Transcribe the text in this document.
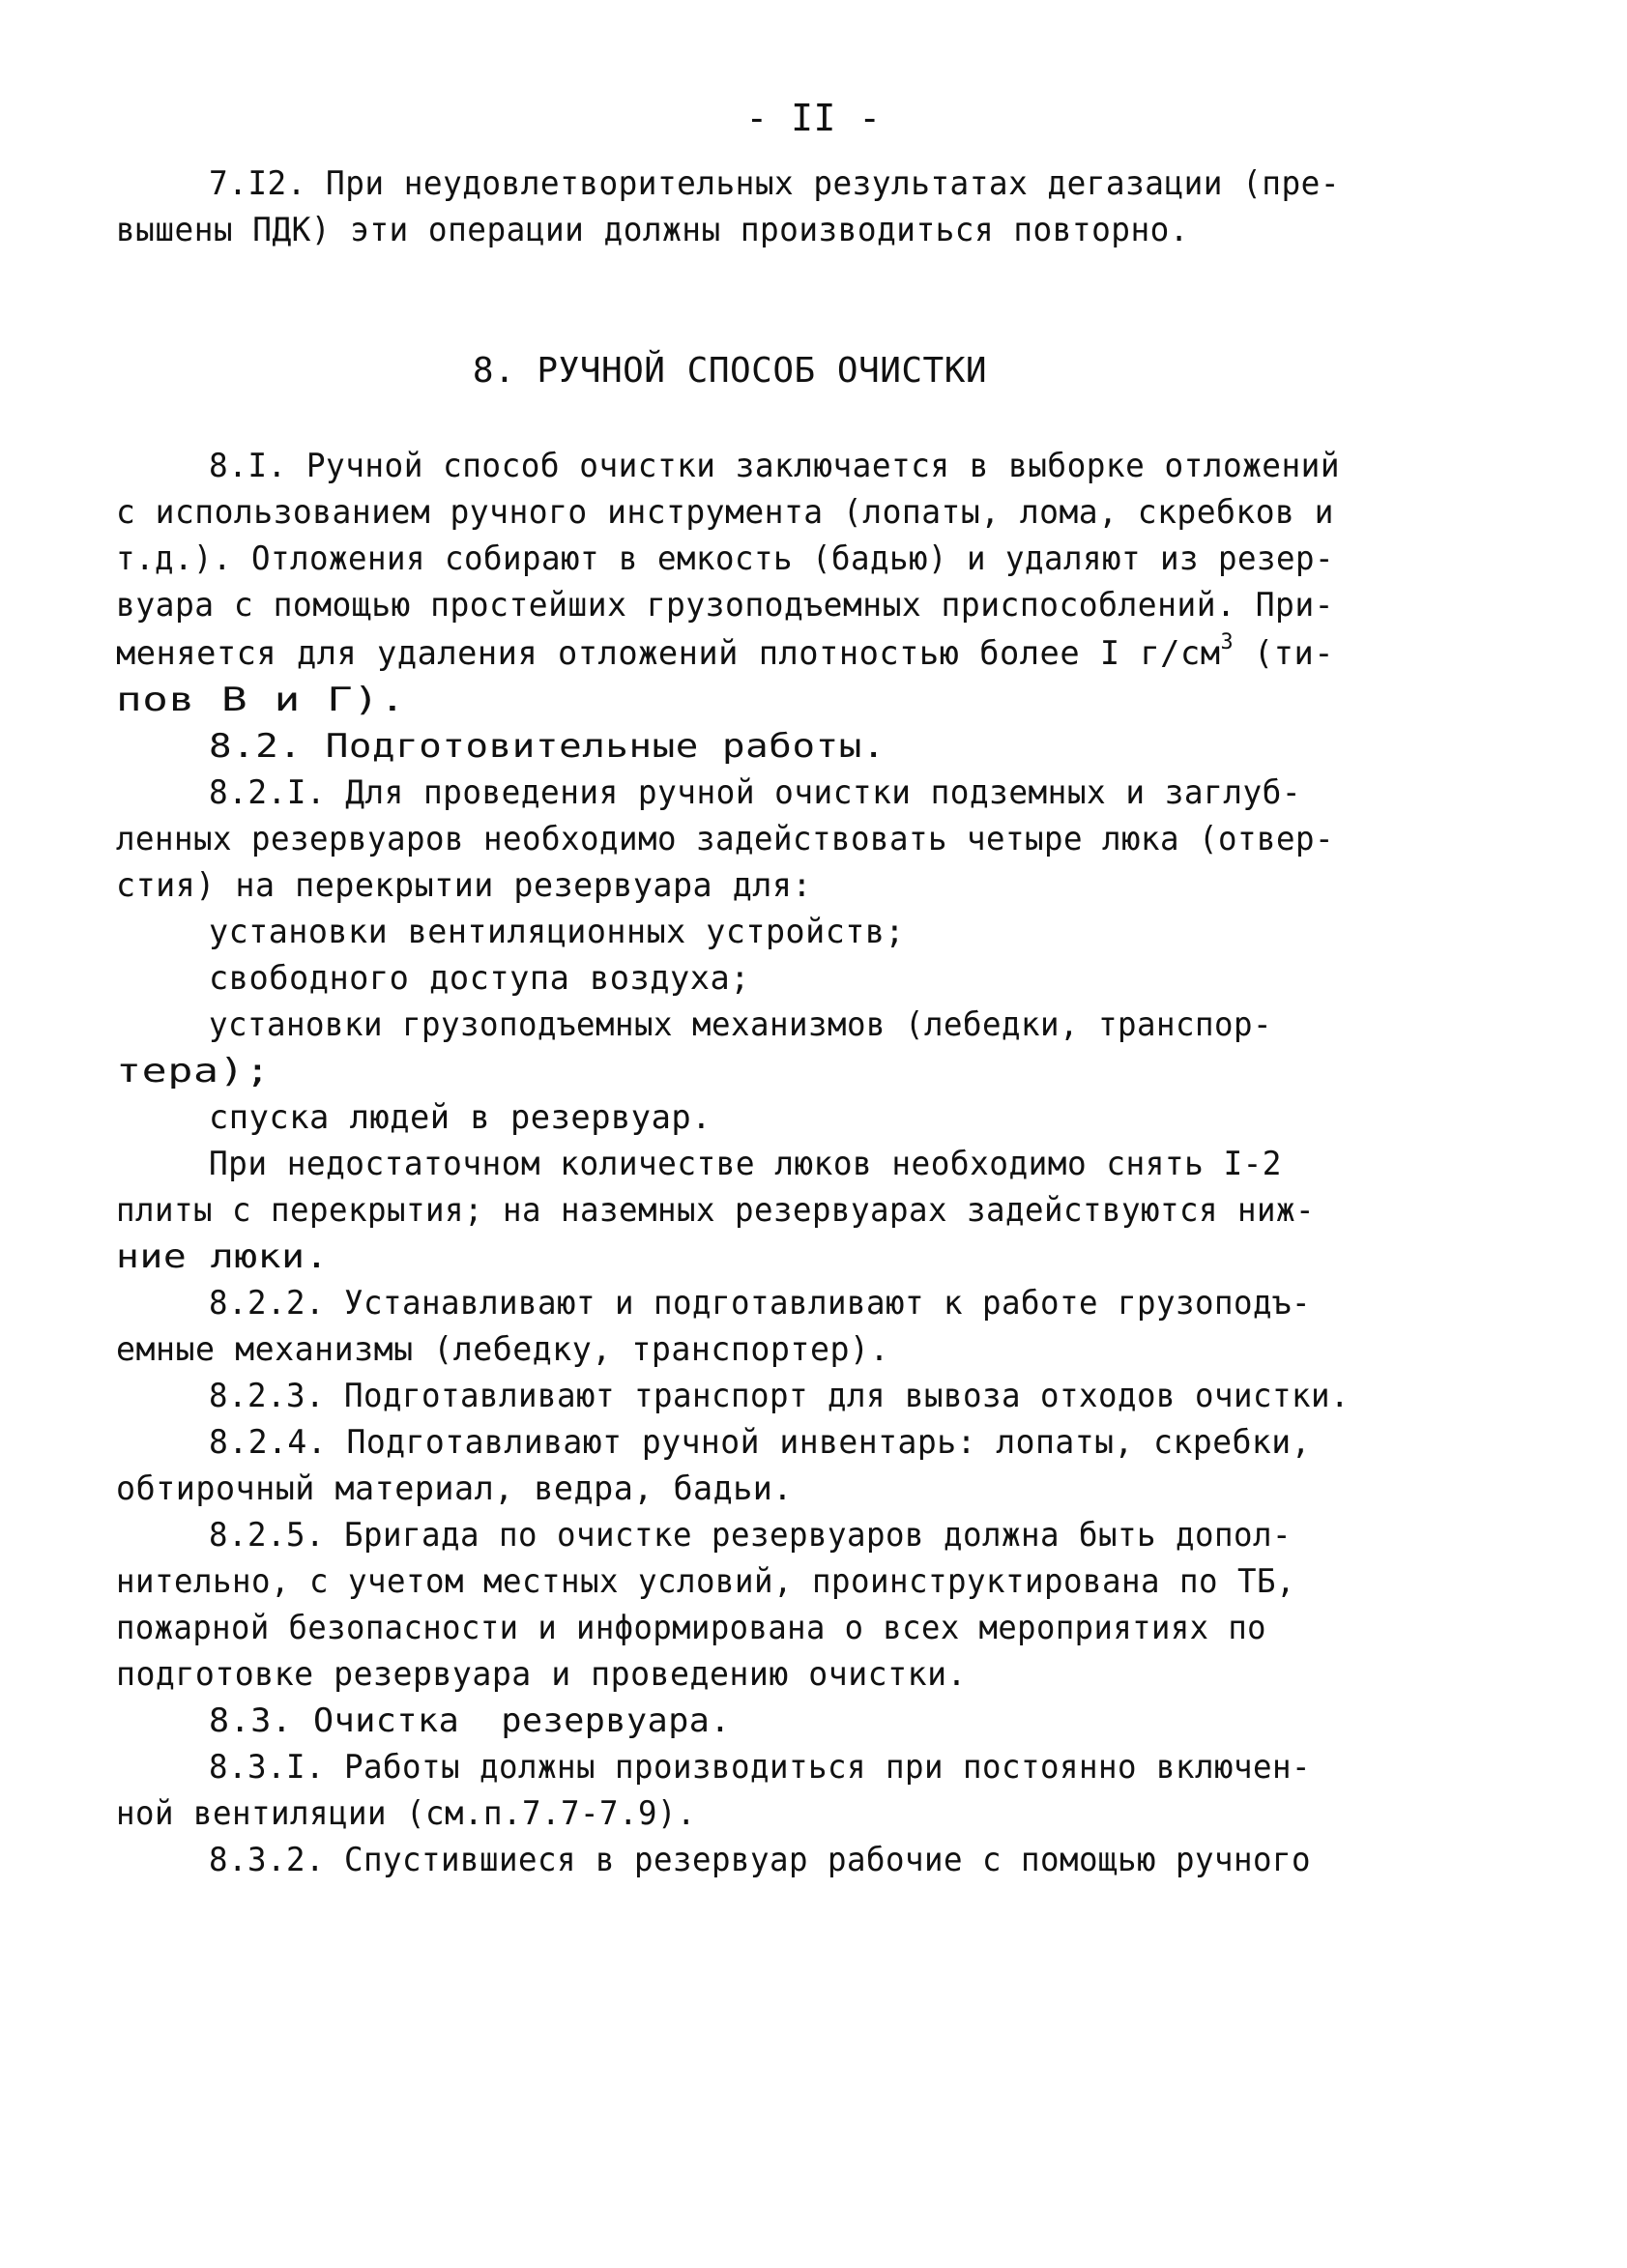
- II -
7.I2. При неудовлетворительных результатах дегазации (пре-
вышены ПДК) эти операции должны производиться повторно.
8. РУЧНОЙ СПОСОБ ОЧИСТКИ
8.I. Ручной способ очистки заключается в выборке отложений
с использованием ручного инструмента (лопаты, лома, скребков и
т.д.). Отложения собирают в емкость (бадью) и удаляют из резер-
вуара с помощью простейших грузоподъемных приспособлений. При-
меняется для удаления отложений плотностью более I $г/см^3$ (ти-
пов В и Г).
8.2. Подготовительные работы.
8.2.I. Для проведения ручной очистки подземных и заглуб-
ленных резервуаров необходимо задействовать четыре люка (отвер-
стия) на перекрытии резервуара для:
установки вентиляционных устройств;
свободного доступа воздуха;
установки грузоподъемных механизмов (лебедки, транспор-
тера);
спуска людей в резервуар.
При недостаточном количестве люков необходимо снять I-2
плиты с перекрытия; на наземных резервуарах задействуются ниж-
ние люки.
8.2.2. Устанавливают и подготавливают к работе грузоподъ-
емные механизмы (лебедку, транспортер).
8.2.3. Подготавливают транспорт для вывоза отходов очистки.
8.2.4. Подготавливают ручной инвентарь: лопаты, скребки,
обтирочный материал, ведра, бадьи.
8.2.5. Бригада по очистке резервуаров должна быть допол-
нительно, с учетом местных условий, проинструктирована по ТБ,
пожарной безопасности и информирована о всех мероприятиях по
подготовке резервуара и проведению очистки.
8.3. Очистка  резервуара.
8.3.I. Работы должны производиться при постоянно включен-
ной вентиляции (см.п.7.7-7.9).
8.3.2. Спустившиеся в резервуар рабочие с помощью ручного
